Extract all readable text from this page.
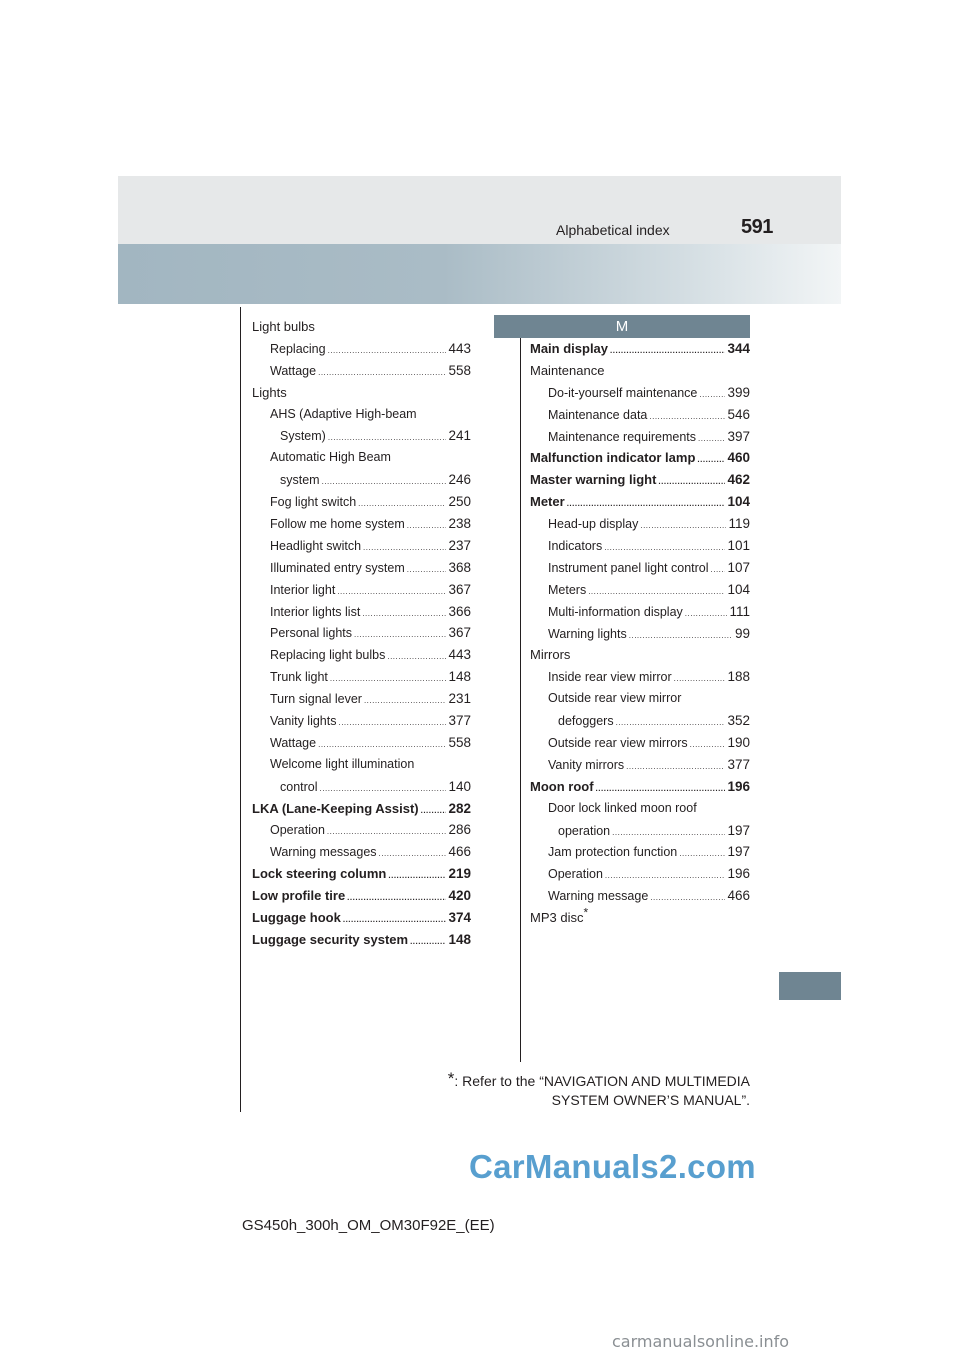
Alphabetical index	591
Light bulbs
Replacing .....	443
Wattage .....	558
Lights
AHS (Adaptive High-beam
System) .....	241
Automatic High Beam
system .....	246
Fog light switch .....	250
Follow me home system .....	238
Headlight switch .....	237
Illuminated entry system .....	368
Interior light .....	367
Interior lights list .....	366
Personal lights .....	367
Replacing light bulbs .....	443
Trunk light .....	148
Turn signal lever .....	231
Vanity lights .....	377
Wattage .....	558
Welcome light illumination
control .....	140
LKA (Lane-Keeping Assist) ..... 282
Operation .....	286
Warning messages .....	466
Lock steering column .....	219
Low profile tire .....	420
Luggage hook .....	374
Luggage security system .....	148
M
Main display .....	344
Maintenance
Do-it-yourself maintenance ..... 399
Maintenance data .....	546
Maintenance requirements ..... 397
Malfunction indicator lamp ..... 460
Master warning light .....	462
Meter .....	104
Head-up display .....	119
Indicators .....	101
Instrument panel light control ..... 107
Meters .....	104
Multi-information display .....	111
Warning lights .....	99
Mirrors
Inside rear view mirror .....	188
Outside rear view mirror
defoggers .....	352
Outside rear view mirrors .....	190
Vanity mirrors .....	377
Moon roof .....	196
Door lock linked moon roof
operation .....	197
Jam protection function .....	197
Operation .....	196
Warning message .....	466
MP3 disc*
*: Refer to the “NAVIGATION AND MULTIMEDIA
SYSTEM OWNER’S MANUAL”.
CarManuals2.com
GS450h_300h_OM_OM30F92E_(EE)
carmanualsonline.info
